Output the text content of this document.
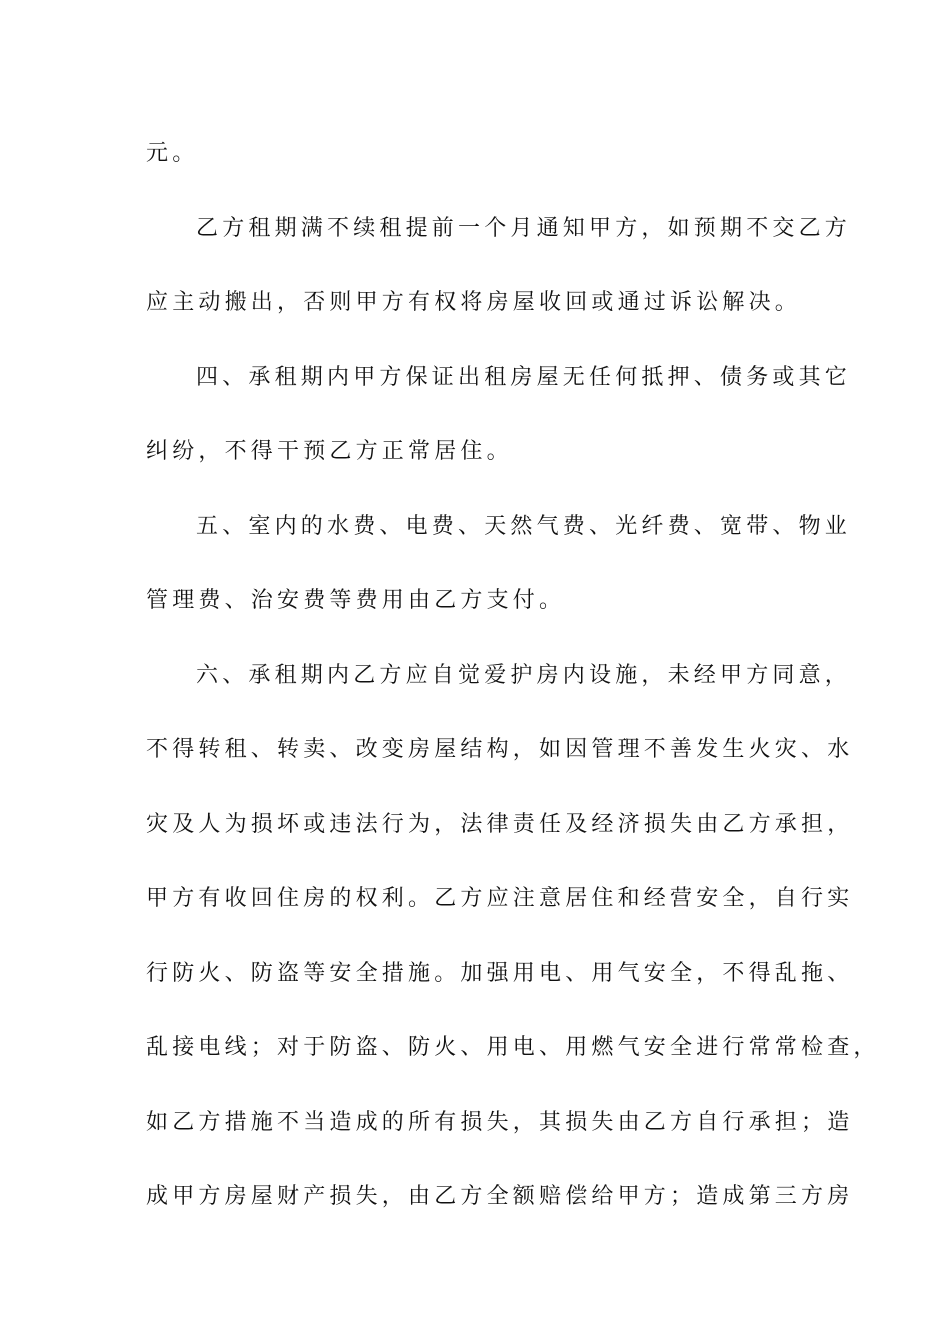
元。
乙方租期满不续租提前一个月通知甲方，如预期不交乙方
应主动搬出，否则甲方有权将房屋收回或通过诉讼解决。
四、承租期内甲方保证出租房屋无任何抵押、债务或其它
纠纷，不得干预乙方正常居住。
五、室内的水费、电费、天然气费、光纤费、宽带、物业
管理费、治安费等费用由乙方支付。
六、承租期内乙方应自觉爱护房内设施，未经甲方同意，
不得转租、转卖、改变房屋结构，如因管理不善发生火灾、水
灾及人为损坏或违法行为，法律责任及经济损失由乙方承担，
甲方有收回住房的权利。乙方应注意居住和经营安全，自行实
行防火、防盗等安全措施。加强用电、用气安全，不得乱拖、
乱接电线；对于防盗、防火、用电、用燃气安全进行常常检查，
如乙方措施不当造成的所有损失，其损失由乙方自行承担；造
成甲方房屋财产损失，由乙方全额赔偿给甲方；造成第三方房
